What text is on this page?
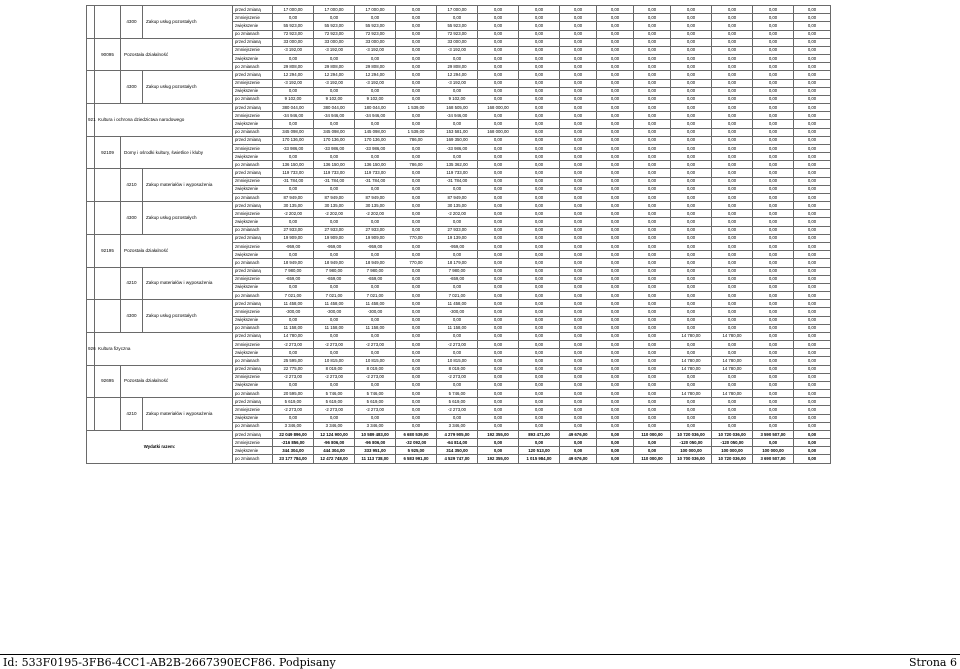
		4300	Zakup usług pozostałych	przed zmianą	17 000,00	17 000,00	17 000,00	0,00	17 000,00	0,00	0,00	0,00	0,00	0,00	0,00	0,00	0,00	0,00
				zmniejszenie	0,00	0,00	0,00	0,00	0,00	0,00	0,00	0,00	0,00	0,00	0,00	0,00	0,00	0,00
				zwiększenie	55 923,00	55 923,00	55 923,00	0,00	55 923,00	0,00	0,00	0,00	0,00	0,00	0,00	0,00	0,00	0,00
				po zmianach	72 923,00	72 923,00	72 923,00	0,00	72 923,00	0,00	0,00	0,00	0,00	0,00	0,00	0,00	0,00	0,00
	90095	Pozostała działalność		przed zmianą	33 000,00	33 000,00	33 000,00	0,00	33 000,00	0,00	0,00	0,00	0,00	0,00	0,00	0,00	0,00	0,00
				zmniejszenie	-3 192,00	-3 192,00	-3 192,00	0,00	-3 192,00	0,00	0,00	0,00	0,00	0,00	0,00	0,00	0,00	0,00
				zwiększenie	0,00	0,00	0,00	0,00	0,00	0,00	0,00	0,00	0,00	0,00	0,00	0,00	0,00	0,00
				po zmianach	29 808,00	29 808,00	29 808,00	0,00	29 808,00	0,00	0,00	0,00	0,00	0,00	0,00	0,00	0,00	0,00
		4300	Zakup usług pozostałych	przed zmianą	12 294,00	12 294,00	12 294,00	0,00	12 294,00	0,00	0,00	0,00	0,00	0,00	0,00	0,00	0,00	0,00
				zmniejszenie	-3 192,00	-3 192,00	-3 192,00	0,00	-3 192,00	0,00	0,00	0,00	0,00	0,00	0,00	0,00	0,00	0,00
				zwiększenie	0,00	0,00	0,00	0,00	0,00	0,00	0,00	0,00	0,00	0,00	0,00	0,00	0,00	0,00
				po zmianach	9 102,00	9 102,00	9 102,00	0,00	9 102,00	0,00	0,00	0,00	0,00	0,00	0,00	0,00	0,00	0,00
921	Kultura i ochrona dziedzictwa narodowego			przed zmianą	380 044,00	380 044,00	180 044,00	1 539,00	168 505,00	168 000,00	0,00	0,00	0,00	0,00	0,00	0,00	0,00	0,00
				zmniejszenie	-34 946,00	-34 946,00	-34 946,00	0,00	-34 946,00	0,00	0,00	0,00	0,00	0,00	0,00	0,00	0,00	0,00
				zwiększenie	0,00	0,00	0,00	0,00	0,00	0,00	0,00	0,00	0,00	0,00	0,00	0,00	0,00	0,00
				po zmianach	345 098,00	345 098,00	145 098,00	1 539,00	153 581,00	168 000,00	0,00	0,00	0,00	0,00	0,00	0,00	0,00	0,00
	92109	Domy i ośrodki kultury, świetlice i kluby		przed zmianą	170 136,00	170 136,00	170 136,00	786,00	169 350,00	0,00	0,00	0,00	0,00	0,00	0,00	0,00	0,00	0,00
				zmniejszenie	-33 986,00	-33 986,00	-33 986,00	0,00	-33 986,00	0,00	0,00	0,00	0,00	0,00	0,00	0,00	0,00	0,00
				zwiększenie	0,00	0,00	0,00	0,00	0,00	0,00	0,00	0,00	0,00	0,00	0,00	0,00	0,00	0,00
				po zmianach	136 150,00	136 150,00	136 150,00	786,00	135 362,00	0,00	0,00	0,00	0,00	0,00	0,00	0,00	0,00	0,00
		4210	Zakup materiałów i wyposażenia	przed zmianą	119 733,00	119 733,00	119 733,00	0,00	119 733,00	0,00	0,00	0,00	0,00	0,00	0,00	0,00	0,00	0,00
				zmniejszenie	-31 784,00	-31 784,00	-31 784,00	0,00	-31 784,00	0,00	0,00	0,00	0,00	0,00	0,00	0,00	0,00	0,00
				zwiększenie	0,00	0,00	0,00	0,00	0,00	0,00	0,00	0,00	0,00	0,00	0,00	0,00	0,00	0,00
				po zmianach	87 949,00	87 949,00	87 949,00	0,00	87 949,00	0,00	0,00	0,00	0,00	0,00	0,00	0,00	0,00	0,00
		4300	Zakup usług pozostałych	przed zmianą	30 135,00	30 135,00	30 135,00	0,00	30 135,00	0,00	0,00	0,00	0,00	0,00	0,00	0,00	0,00	0,00
				zmniejszenie	-2 202,00	-2 202,00	-2 202,00	0,00	-2 202,00	0,00	0,00	0,00	0,00	0,00	0,00	0,00	0,00	0,00
				zwiększenie	0,00	0,00	0,00	0,00	0,00	0,00	0,00	0,00	0,00	0,00	0,00	0,00	0,00	0,00
				po zmianach	27 933,00	27 933,00	27 933,00	0,00	27 933,00	0,00	0,00	0,00	0,00	0,00	0,00	0,00	0,00	0,00
	92195	Pozostała działalność		przed zmianą	19 909,00	19 909,00	19 909,00	770,00	19 139,00	0,00	0,00	0,00	0,00	0,00	0,00	0,00	0,00	0,00
				zmniejszenie	-959,00	-959,00	-959,00	0,00	-959,00	0,00	0,00	0,00	0,00	0,00	0,00	0,00	0,00	0,00
				zwiększenie	0,00	0,00	0,00	0,00	0,00	0,00	0,00	0,00	0,00	0,00	0,00	0,00	0,00	0,00
				po zmianach	18 949,00	18 949,00	18 949,00	770,00	18 179,00	0,00	0,00	0,00	0,00	0,00	0,00	0,00	0,00	0,00
		4210	Zakup materiałów i wyposażenia	przed zmianą	7 980,00	7 980,00	7 980,00	0,00	7 980,00	0,00	0,00	0,00	0,00	0,00	0,00	0,00	0,00	0,00
				zmniejszenie	-659,00	-659,00	-659,00	0,00	-659,00	0,00	0,00	0,00	0,00	0,00	0,00	0,00	0,00	0,00
				zwiększenie	0,00	0,00	0,00	0,00	0,00	0,00	0,00	0,00	0,00	0,00	0,00	0,00	0,00	0,00
				po zmianach	7 021,00	7 021,00	7 021,00	0,00	7 021,00	0,00	0,00	0,00	0,00	0,00	0,00	0,00	0,00	0,00
		4300	Zakup usług pozostałych	przed zmianą	11 458,00	11 458,00	11 458,00	0,00	11 458,00	0,00	0,00	0,00	0,00	0,00	0,00	0,00	0,00	0,00
				zmniejszenie	-300,00	-300,00	-300,00	0,00	-300,00	0,00	0,00	0,00	0,00	0,00	0,00	0,00	0,00	0,00
				zwiększenie	0,00	0,00	0,00	0,00	0,00	0,00	0,00	0,00	0,00	0,00	0,00	0,00	0,00	0,00
				po zmianach	11 158,00	11 158,00	11 158,00	0,00	11 158,00	0,00	0,00	0,00	0,00	0,00	0,00	0,00	0,00	0,00
926	Kultura fizyczna			przed zmianą	14 780,00	0,00	0,00	0,00	0,00	0,00	0,00	0,00	0,00	0,00	14 780,00	14 780,00	0,00	0,00
				zmniejszenie	-2 273,00	-2 273,00	-2 273,00	0,00	-2 273,00	0,00	0,00	0,00	0,00	0,00	0,00	0,00	0,00	0,00
				zwiększenie	0,00	0,00	0,00	0,00	0,00	0,00	0,00	0,00	0,00	0,00	0,00	0,00	0,00	0,00
				po zmianach	25 595,00	10 815,00	10 815,00	0,00	10 815,00	0,00	0,00	0,00	0,00	0,00	14 780,00	14 780,00	0,00	0,00
	92695	Pozostała działalność		przed zmianą	22 775,00	8 019,00	8 019,00	0,00	8 019,00	0,00	0,00	0,00	0,00	0,00	14 780,00	14 780,00	0,00	0,00
				zmniejszenie	-2 273,00	-2 273,00	-2 273,00	0,00	-2 273,00	0,00	0,00	0,00	0,00	0,00	0,00	0,00	0,00	0,00
				zwiększenie	0,00	0,00	0,00	0,00	0,00	0,00	0,00	0,00	0,00	0,00	0,00	0,00	0,00	0,00
				po zmianach	20 595,00	5 746,00	5 746,00	0,00	5 746,00	0,00	0,00	0,00	0,00	0,00	14 780,00	14 780,00	0,00	0,00
		4210	Zakup materiałów i wyposażenia	przed zmianą	5 619,00	5 619,00	5 619,00	0,00	5 619,00	0,00	0,00	0,00	0,00	0,00	0,00	0,00	0,00	0,00
				zmniejszenie	-2 273,00	-2 273,00	-2 273,00	0,00	-2 273,00	0,00	0,00	0,00	0,00	0,00	0,00	0,00	0,00	0,00
				zwiększenie	0,00	0,00	0,00	0,00	0,00	0,00	0,00	0,00	0,00	0,00	0,00	0,00	0,00	0,00
				po zmianach	3 346,00	3 346,00	3 346,00	0,00	3 346,00	0,00	0,00	0,00	0,00	0,00	0,00	0,00	0,00	0,00
Wydatki razem:				przed zmianą	22 049 896,00	12 124 900,00	10 589 483,00	6 680 539,00	4 279 905,00	192 355,00	893 471,00	49 676,00	0,00	110 000,00	10 720 036,00	10 720 036,00	3 590 507,00	0,00
				zmniejszenie	-216 856,00	-96 806,00	-96 806,00	-32 092,00	-64 814,00	0,00	0,00	0,00	0,00	0,00	-120 050,00	-120 050,00	0,00	0,00
				zwiększenie	344 304,00	444 304,00	333 951,00	5 925,00	314 350,00	0,00	120 513,00	0,00	0,00	0,00	100 000,00	100 000,00	100 000,00	0,00
				po zmianach	23 177 784,00	12 472 748,00	11 113 738,00	6 583 991,00	4 529 747,00	192 355,00	1 015 984,00	49 676,00	0,00	110 000,00	10 700 036,00	10 720 036,00	3 690 507,00	0,00
Id: 533F0195-3FB6-4CC1-AB2B-2667390ECF86. Podpisany	Strona 6
